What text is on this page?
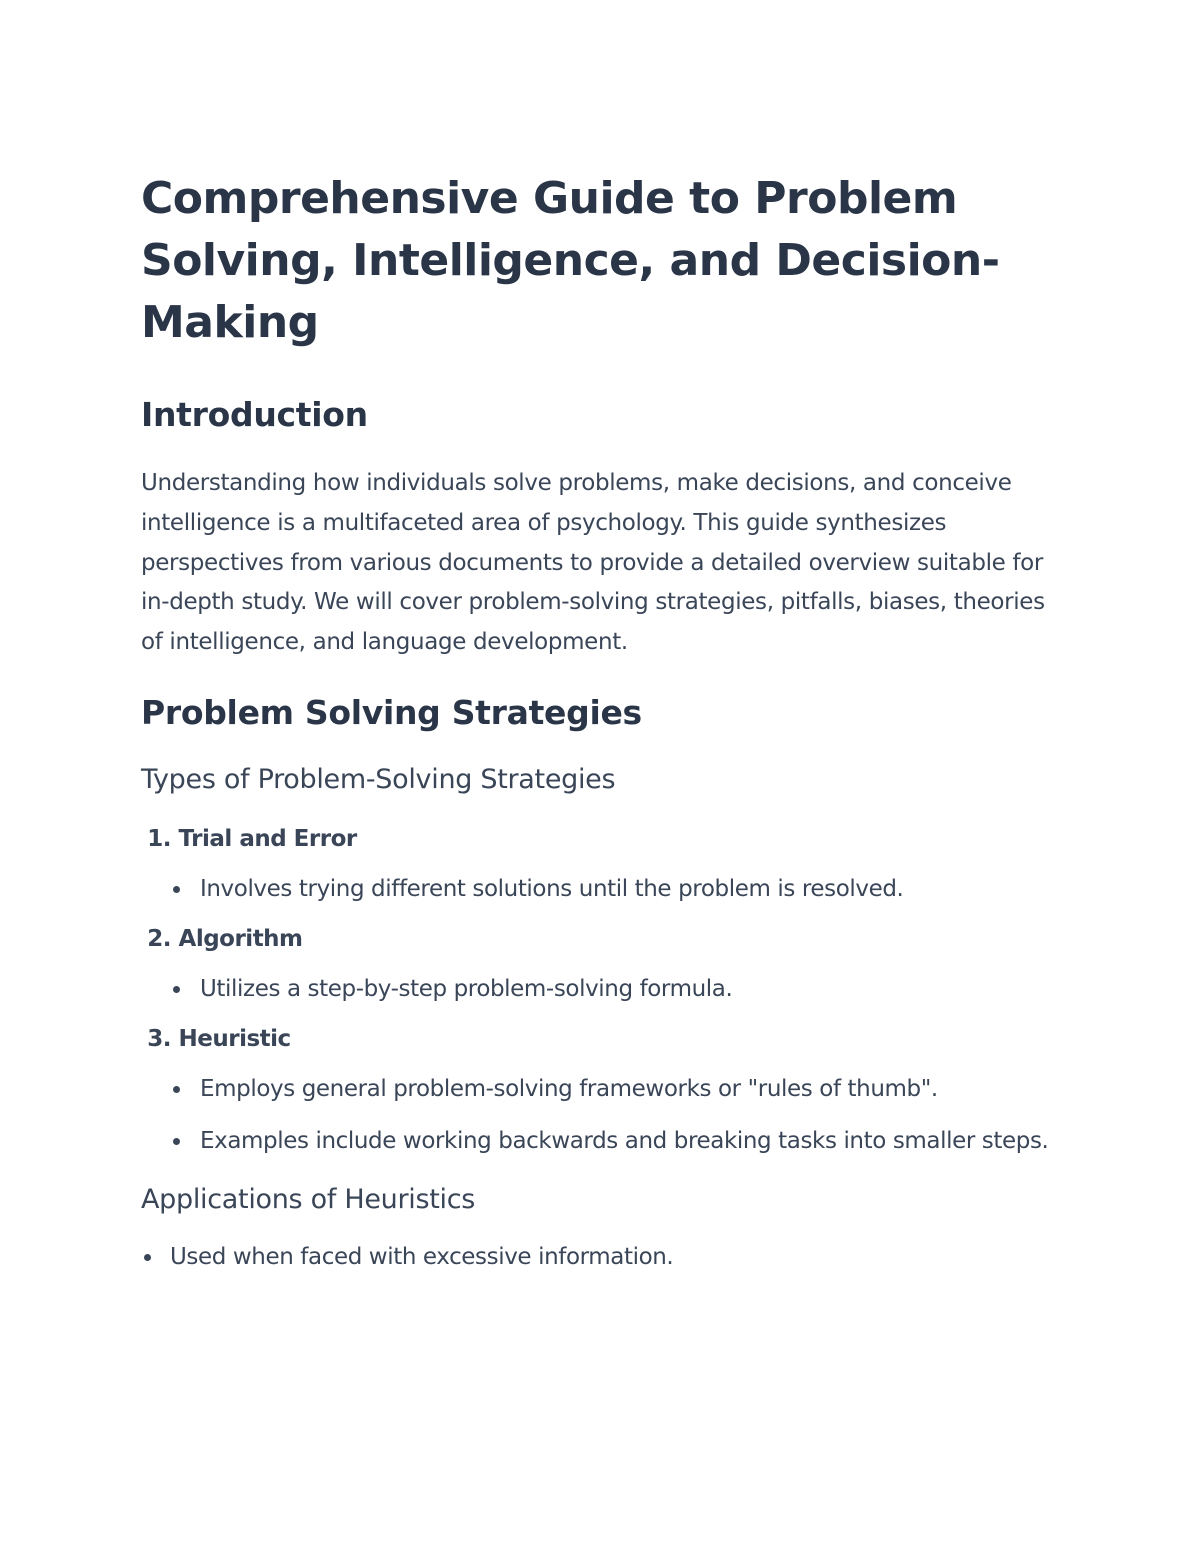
Comprehensive Guide to Problem Solving, Intelligence, and Decision-Making
Introduction

Understanding how individuals solve problems, make decisions, and conceive intelligence is a multifaceted area of psychology. This guide synthesizes perspectives from various documents to provide a detailed overview suitable for in-depth study. We will cover problem-solving strategies, pitfalls, biases, theories of intelligence, and language development.

Problem Solving Strategies
Types of Problem-Solving Strategies
1. Trial and Error
Involves trying different solutions until the problem is resolved.
2. Algorithm
Utilizes a step-by-step problem-solving formula.
3. Heuristic
Employs general problem-solving frameworks or "rules of thumb".
Examples include working backwards and breaking tasks into smaller steps.
Applications of Heuristics
Used when faced with excessive information.
